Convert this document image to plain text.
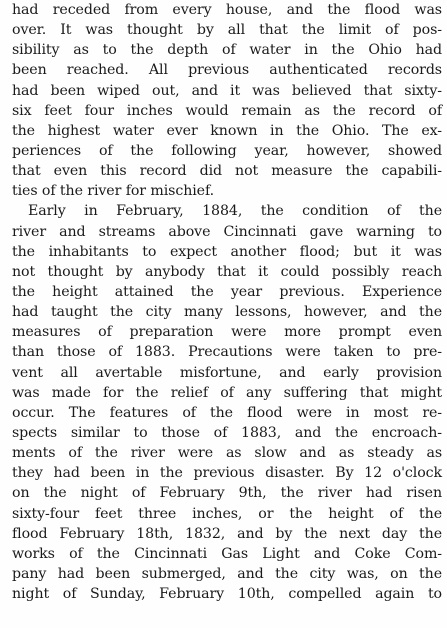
had receded from every house, and the flood was
over. It was thought by all that the limit of pos-
sibility as to the depth of water in the Ohio had
been reached. All previous authenticated records
had been wiped out, and it was believed that sixty-
six feet four inches would remain as the record of
the highest water ever known in the Ohio. The ex-
periences of the following year, however, showed
that even this record did not measure the capabili-
ties of the river for mischief.
Early in February, 1884, the condition of the
river and streams above Cincinnati gave warning to
the inhabitants to expect another flood; but it was
not thought by anybody that it could possibly reach
the height attained the year previous. Experience
had taught the city many lessons, however, and the
measures of preparation were more prompt even
than those of 1883. Precautions were taken to pre-
vent all avertable misfortune, and early provision
was made for the relief of any suffering that might
occur. The features of the flood were in most re-
spects similar to those of 1883, and the encroach-
ments of the river were as slow and as steady as
they had been in the previous disaster. By 12 o'clock
on the night of February 9th, the river had risen
sixty-four feet three inches, or the height of the
flood February 18th, 1832, and by the next day the
works of the Cincinnati Gas Light and Coke Com-
pany had been submerged, and the city was, on the
night of Sunday, February 10th, compelled again to
